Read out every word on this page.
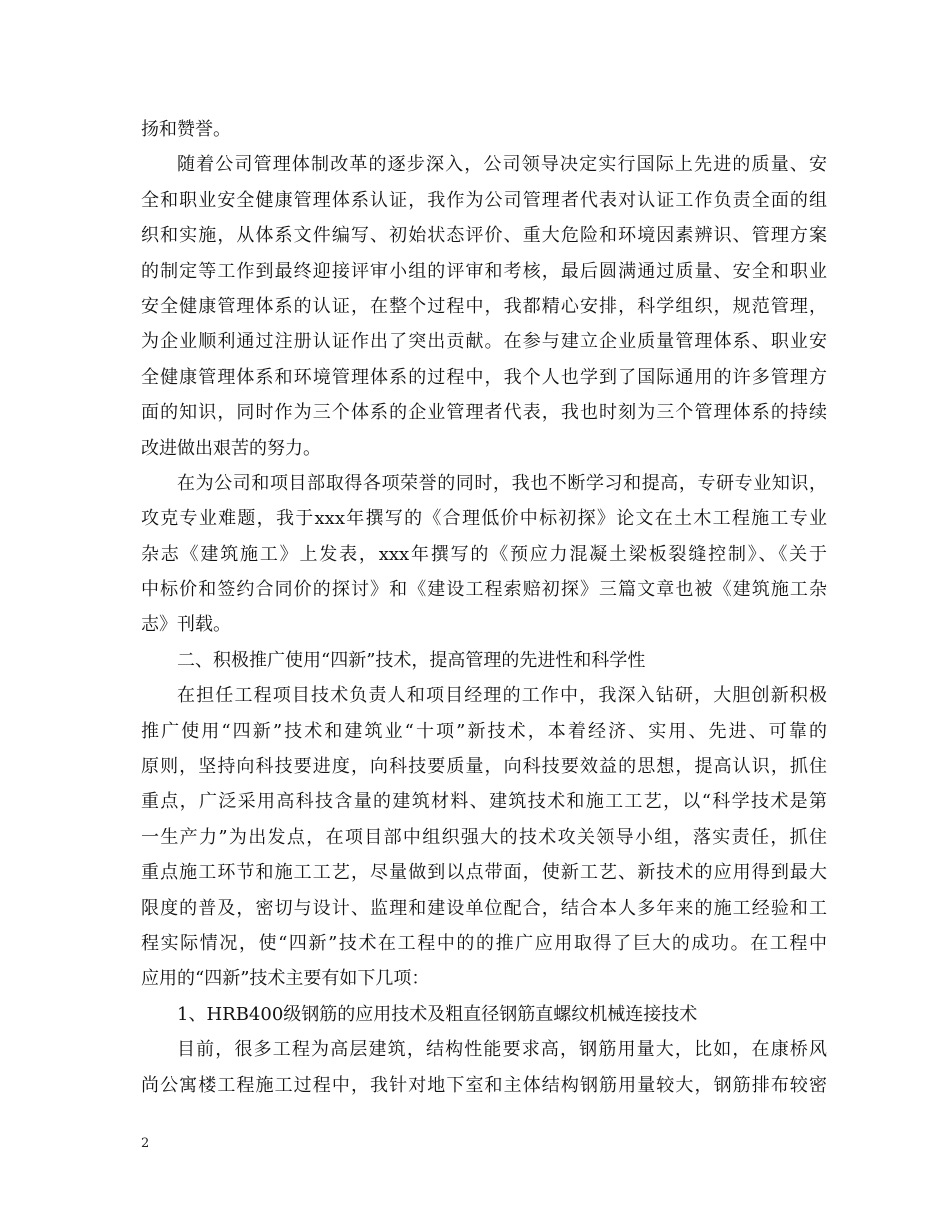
扬和赞誉。
随着公司管理体制改革的逐步深入，公司领导决定实行国际上先进的质量、安
全和职业安全健康管理体系认证，我作为公司管理者代表对认证工作负责全面的组
织和实施，从体系文件编写、初始状态评价、重大危险和环境因素辨识、管理方案
的制定等工作到最终迎接评审小组的评审和考核，最后圆满通过质量、安全和职业
安全健康管理体系的认证，在整个过程中，我都精心安排，科学组织，规范管理，
为企业顺利通过注册认证作出了突出贡献。在参与建立企业质量管理体系、职业安
全健康管理体系和环境管理体系的过程中，我个人也学到了国际通用的许多管理方
面的知识，同时作为三个体系的企业管理者代表，我也时刻为三个管理体系的持续
改进做出艰苦的努力。
在为公司和项目部取得各项荣誉的同时，我也不断学习和提高，专研专业知识，
攻克专业难题，我于xxx年撰写的《合理低价中标初探》论文在土木工程施工专业
杂志《建筑施工》上发表，xxx年撰写的《预应力混凝土梁板裂缝控制》、《关于
中标价和签约合同价的探讨》和《建设工程索赔初探》三篇文章也被《建筑施工杂
志》刊载。
二、积极推广使用“四新”技术，提高管理的先进性和科学性
在担任工程项目技术负责人和项目经理的工作中，我深入钻研，大胆创新积极
推广使用“四新”技术和建筑业“十项”新技术，本着经济、实用、先进、可靠的
原则，坚持向科技要进度，向科技要质量，向科技要效益的思想，提高认识，抓住
重点，广泛采用高科技含量的建筑材料、建筑技术和施工工艺，以“科学技术是第
一生产力”为出发点，在项目部中组织强大的技术攻关领导小组，落实责任，抓住
重点施工环节和施工工艺，尽量做到以点带面，使新工艺、新技术的应用得到最大
限度的普及，密切与设计、监理和建设单位配合，结合本人多年来的施工经验和工
程实际情况，使“四新”技术在工程中的的推广应用取得了巨大的成功。在工程中
应用的“四新”技术主要有如下几项：
1、HRB400级钢筋的应用技术及粗直径钢筋直螺纹机械连接技术
目前，很多工程为高层建筑，结构性能要求高，钢筋用量大，比如，在康桥风
尚公寓楼工程施工过程中，我针对地下室和主体结构钢筋用量较大，钢筋排布较密
2
